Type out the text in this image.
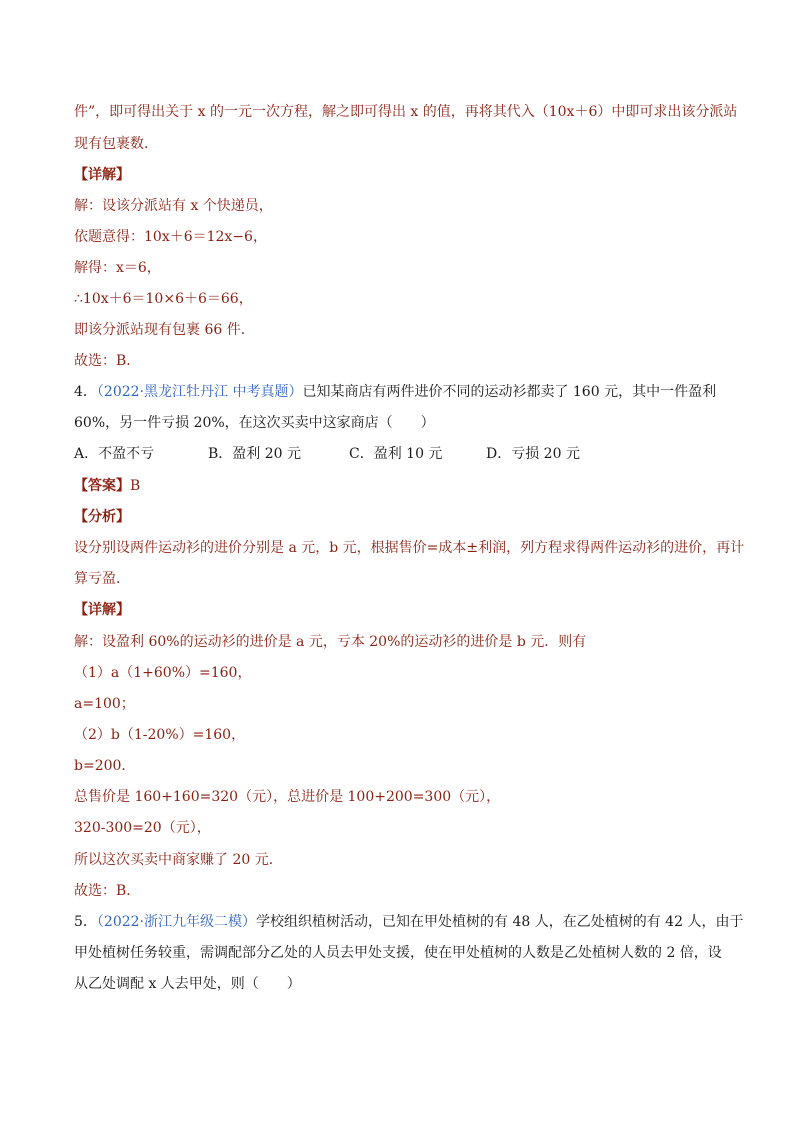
件”，即可得出关于 x 的一元一次方程，解之即可得出 x 的值，再将其代入（10x＋6）中即可求出该分派站
现有包裹数．
【详解】
解：设该分派站有 x 个快递员，
依题意得：10x＋6＝12x−6，
解得：x＝6，
∴10x＋6＝10×6＋6＝66，
即该分派站现有包裹 66 件．
故选：B．
4．（2022·黑龙江牡丹江 中考真题）已知某商店有两件进价不同的运动衫都卖了 160 元，其中一件盈利
60%，另一件亏损 20%，在这次买卖中这家商店（　　）
A．不盈不亏	B．盈利 20 元	C．盈利 10 元	D．亏损 20 元
【答案】B
【分析】
设分别设两件运动衫的进价分别是 a 元，b 元，根据售价=成本±利润，列方程求得两件运动衫的进价，再计
算亏盈．
【详解】
解：设盈利 60%的运动衫的进价是 a 元，亏本 20%的运动衫的进价是 b 元．则有
（1）a（1+60%）=160，
a=100；
（2）b（1-20%）=160，
b=200．
总售价是 160+160=320（元），总进价是 100+200=300（元），
320-300=20（元），
所以这次买卖中商家赚了 20 元．
故选：B．
5．（2022·浙江九年级二模）学校组织植树活动，已知在甲处植树的有 48 人，在乙处植树的有 42 人，由于
甲处植树任务较重，需调配部分乙处的人员去甲处支援，使在甲处植树的人数是乙处植树人数的 2 倍，设
从乙处调配 x 人去甲处，则（　　）
